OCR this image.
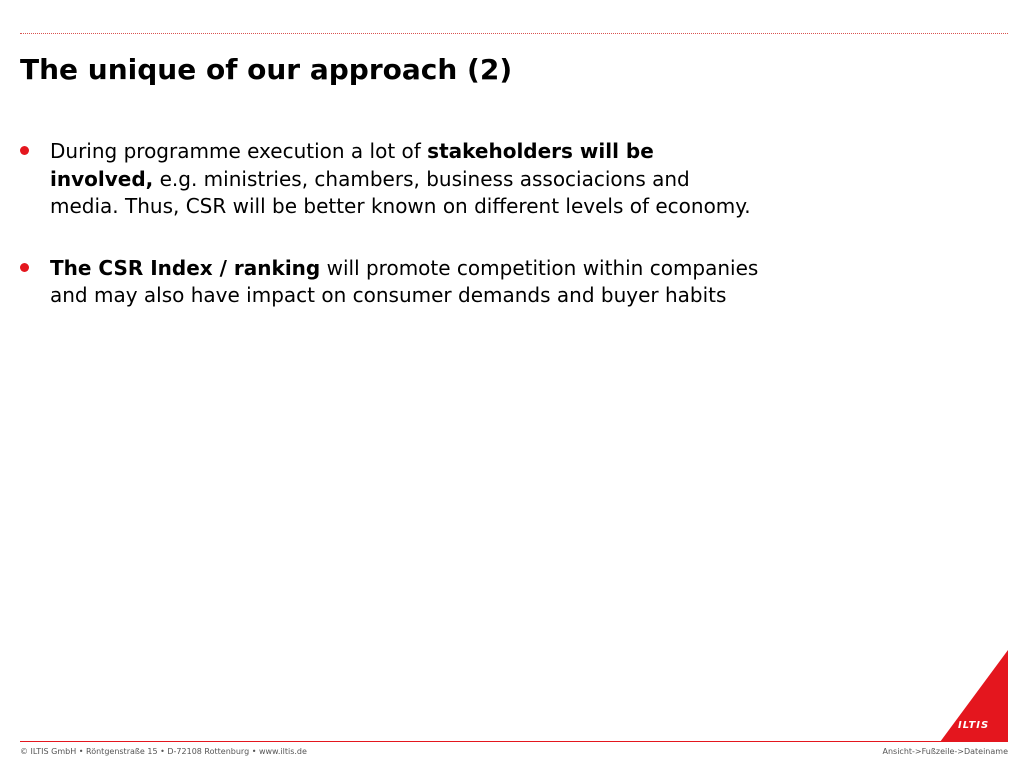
The unique of our approach (2)
During programme execution a lot of stakeholders will be involved, e.g. ministries, chambers, business associacions and media. Thus, CSR will be better known on different levels of economy.
The CSR Index / ranking will promote competition within companies and may also have impact on consumer demands and buyer habits
ILTIS
© ILTIS GmbH • Röntgenstraße 15 • D-72108 Rottenburg • www.iltis.de	Ansicht->Fußzeile->Dateiname
